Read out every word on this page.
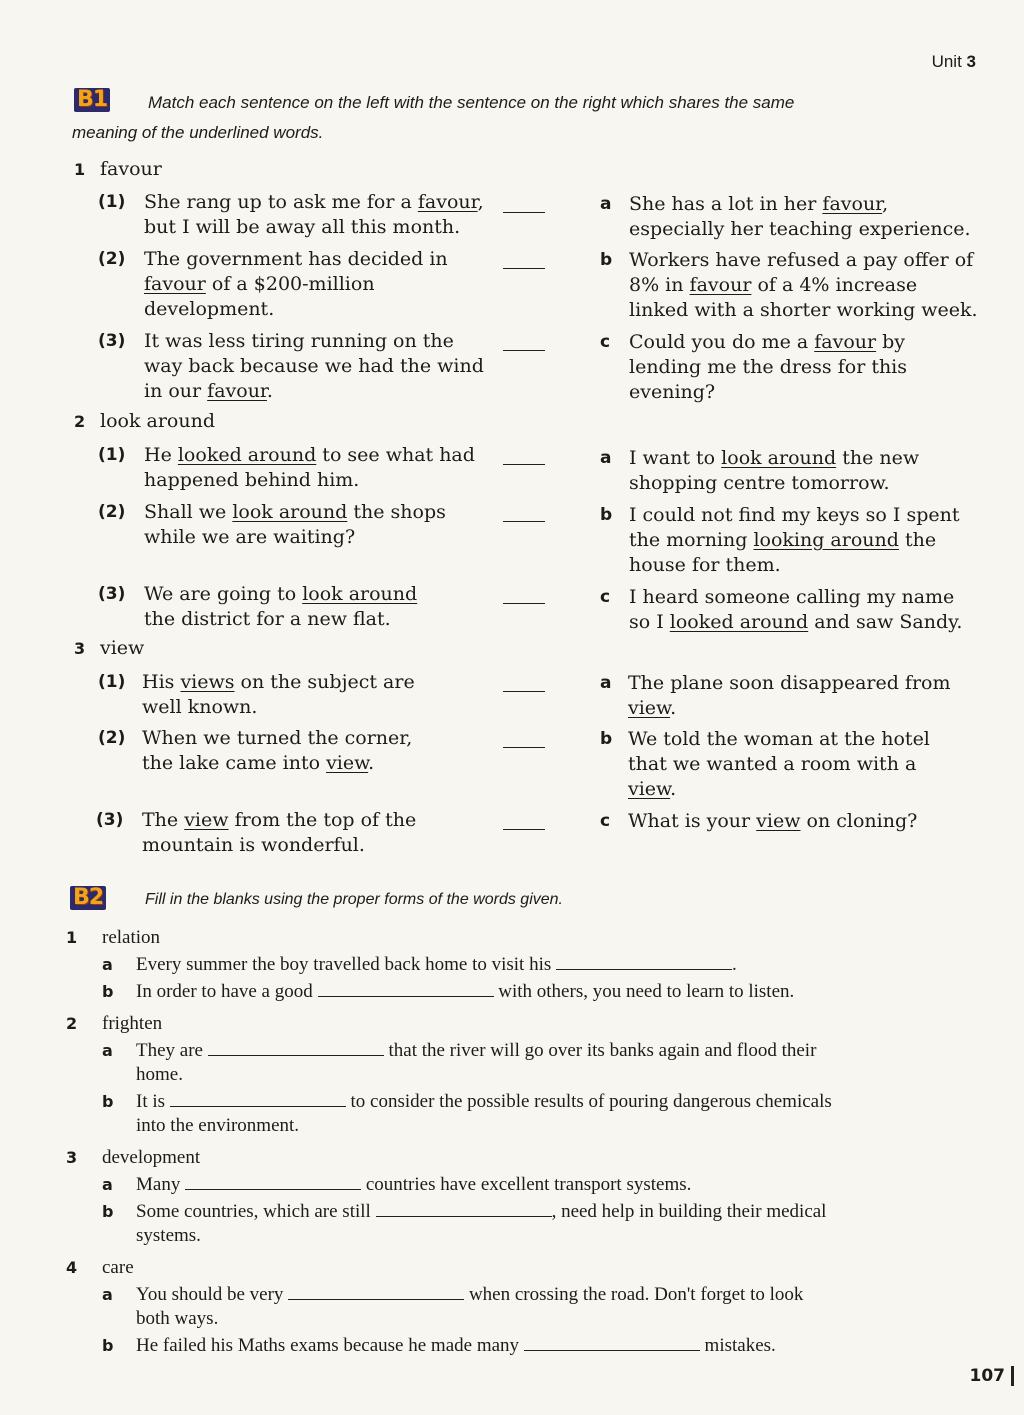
Unit 3
B1 Match each sentence on the left with the sentence on the right which shares the same
meaning of the underlined words.
1 favour
(1) She rang up to ask me for a favour,
but I will be away all this month.
(2) The government has decided in
favour of a $200-million
development.
(3) It was less tiring running on the
way back because we had the wind
in our favour.
a She has a lot in her favour,
especially her teaching experience.
b Workers have refused a pay offer of
8% in favour of a 4% increase
linked with a shorter working week.
c Could you do me a favour by
lending me the dress for this
evening?
2 look around
(1) He looked around to see what had
happened behind him.
(2) Shall we look around the shops
while we are waiting?
(3) We are going to look around
the district for a new flat.
a I want to look around the new
shopping centre tomorrow.
b I could not find my keys so I spent
the morning looking around the
house for them.
c I heard someone calling my name
so I looked around and saw Sandy.
3 view
(1) His views on the subject are
well known.
(2) When we turned the corner,
the lake came into view.
(3) The view from the top of the
mountain is wonderful.
a The plane soon disappeared from
view.
b We told the woman at the hotel
that we wanted a room with a
view.
c What is your view on cloning?
B2	Fill in the blanks using the proper forms of the words given.
1 relation
a Every summer the boy travelled back home to visit his	.
b In order to have a good	with others, you need to learn to listen.
2 frighten
a They are	that the river will go over its banks again and flood their
home.
b It is	to consider the possible results of pouring dangerous chemicals
into the environment.
3 development
a Many	countries have excellent transport systems.
b Some countries, which are still	, need help in building their medical
systems.
4 care
a You should be very	when crossing the road. Don't forget to look
both ways.
b He failed his Maths exams because he made many	mistakes.
107
